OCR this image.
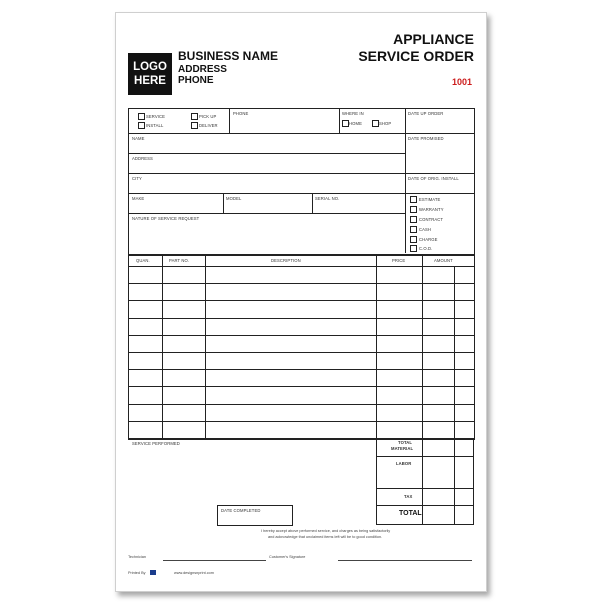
LOGO
HERE
BUSINESS NAME
ADDRESS
PHONE
APPLIANCE
SERVICE ORDER
1001
SERVICE
INSTALL
PICK UP
DELIVER
PHONE	WHERE IN
HOME	SHOP
DATE UP ORDER
NAME	DATE PROMISED
ADDRESS
CITY	DATE OF ORIG. INSTALL
MAKE	MODEL	SERIAL NO.
NATURE OF SERVICE REQUEST
ESTIMATE
WARRANTY
CONTRACT
CASH
CHARGE
C.O.D.
QUAN.	PART NO.	DESCRIPTION	PRICE	AMOUNT
SERVICE PERFORMED	TOTAL
MATERIAL
LABOR
TAX
TOTAL
DATE COMPLETED
I hereby accept above performed service, and charges as being satisfactorily
and acknowledge that unclaimed items left will be to good condition.
Technician	Customer's Signature
Printed By	www.designsnprint.com
